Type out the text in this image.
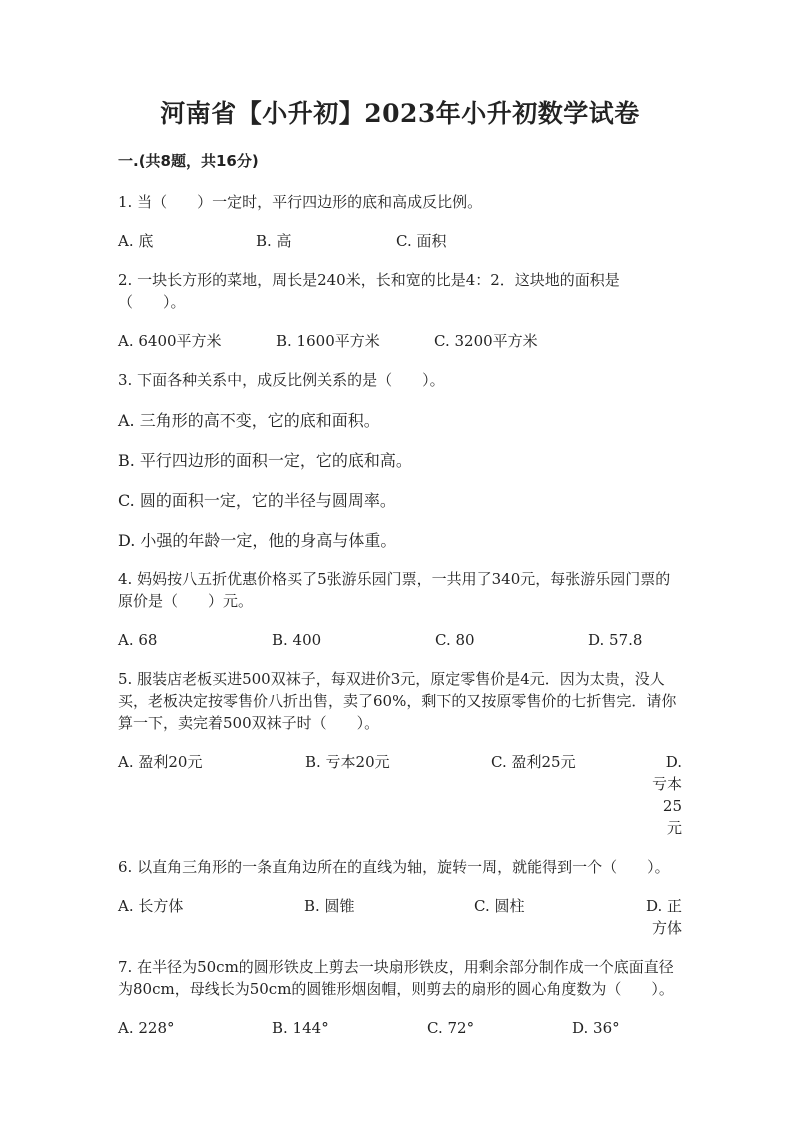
河南省【小升初】2023年小升初数学试卷
一.(共8题，共16分)
1. 当（　　）一定时，平行四边形的底和高成反比例。
A. 底	B. 高	C. 面积
2. 一块长方形的菜地，周长是240米，长和宽的比是4：2．这块地的面积是（　　）。
A. 6400平方米	B. 1600平方米	C. 3200平方米
3. 下面各种关系中，成反比例关系的是（　　）。
A. 三角形的高不变，它的底和面积。
B. 平行四边形的面积一定，它的底和高。
C. 圆的面积一定，它的半径与圆周率。
D. 小强的年龄一定，他的身高与体重。
4. 妈妈按八五折优惠价格买了5张游乐园门票，一共用了340元，每张游乐园门票的原价是（　　）元。
A. 68	B. 400	C. 80	D. 57.8
5. 服装店老板买进500双袜子，每双进价3元，原定零售价是4元．因为太贵，没人买，老板决定按零售价八折出售，卖了60%，剩下的又按原零售价的七折售完．请你算一下，卖完着500双袜子时（　　）。
A. 盈利20元	B. 亏本20元	C. 盈利25元	D. 亏本25元
6. 以直角三角形的一条直角边所在的直线为轴，旋转一周，就能得到一个（　　）。
A. 长方体	B. 圆锥	C. 圆柱	D. 正方体
7. 在半径为50cm的圆形铁皮上剪去一块扇形铁皮，用剩余部分制作成一个底面直径为80cm，母线长为50cm的圆锥形烟囱帽，则剪去的扇形的圆心角度数为（　　）。
A. 228°	B. 144°	C. 72°	D. 36°
